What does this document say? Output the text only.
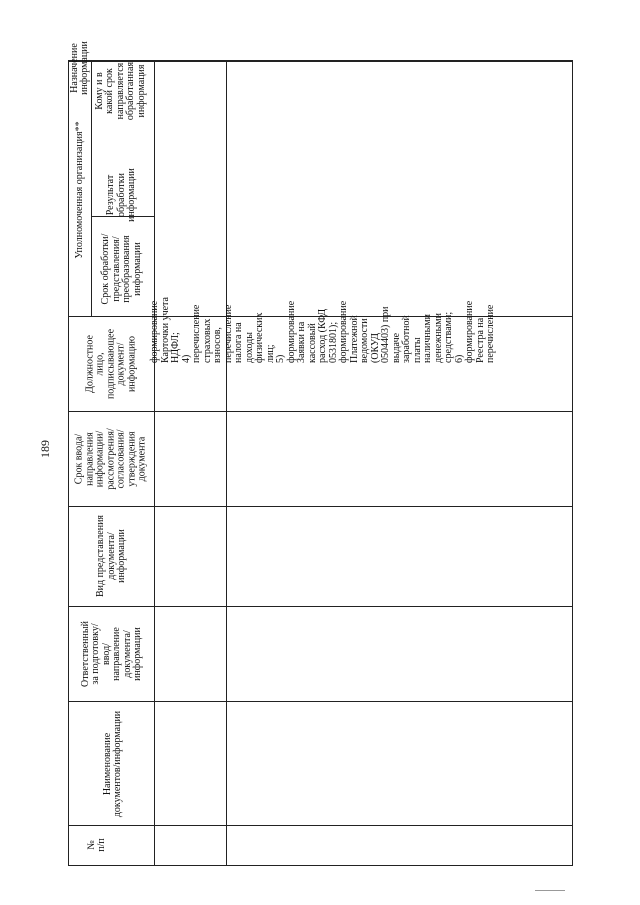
189
№
п/п
Наименование
документов/информации
Ответственный
за подготовку/
ввод/
направление
документа/
информации
Вид представления
документа/
информации
Срок ввода/
направления
информации/
рассмотрения/
согласования/
утверждения
документа
Должностное
лицо,
подписывающее
документ/
информацию
Уполномоченная организация**
Срок обработки/
представления/
преобразования
информации
Результат
обработки
информации
Назначение
информации
Кому и в
какой срок
направляется
обработанная
информация
формирование
Карточки учета
НДФЛ;
4)
перечисление
страховых
взносов,
перечисление
налога на
доходы
физических
лиц;
5)
формирование
Заявки на
кассовый
расход (КФД
0531801);
формирование
Платежной
ведомости
(ОКУД
0504403) при
выдаче
заработной
платы
наличными
денежными
средствами;
6)
формирование
Реестра на
перечисление
